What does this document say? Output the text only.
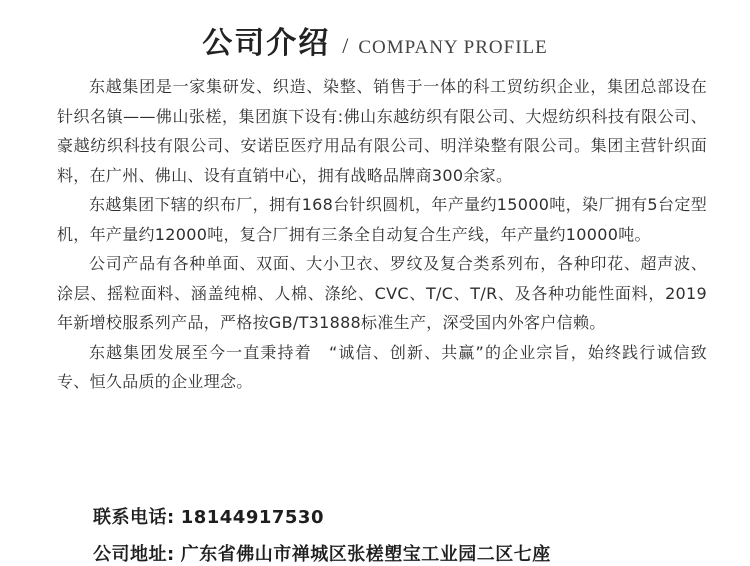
公司介绍 / COMPANY PROFILE

东越集团是一家集研发、织造、染整、销售于一体的科工贸纺织企业，集团总部设在针织名镇——佛山张槎，集团旗下设有:佛山东越纺织有限公司、大煜纺织科技有限公司、豪越纺织科技有限公司、安诺臣医疗用品有限公司、明洋染整有限公司。集团主营针织面料，在广州、佛山、设有直销中心，拥有战略品牌商300余家。

东越集团下辖的织布厂，拥有168台针织圆机，年产量约15000吨，染厂拥有5台定型机，年产量约12000吨，复合厂拥有三条全自动复合生产线，年产量约10000吨。

公司产品有各种单面、双面、大小卫衣、罗纹及复合类系列布，各种印花、超声波、涂层、摇粒面料、涵盖纯棉、人棉、涤纶、CVC、T/C、T/R、及各种功能性面料，2019年新增校服系列产品，严格按GB/T31888标准生产，深受国内外客户信赖。

东越集团发展至今一直秉持着　“诚信、创新、共赢”的企业宗旨，始终践行诚信致专、恒久品质的企业理念。

联系电话: 18144917530
公司地址: 广东省佛山市禅城区张槎塱宝工业园二区七座
